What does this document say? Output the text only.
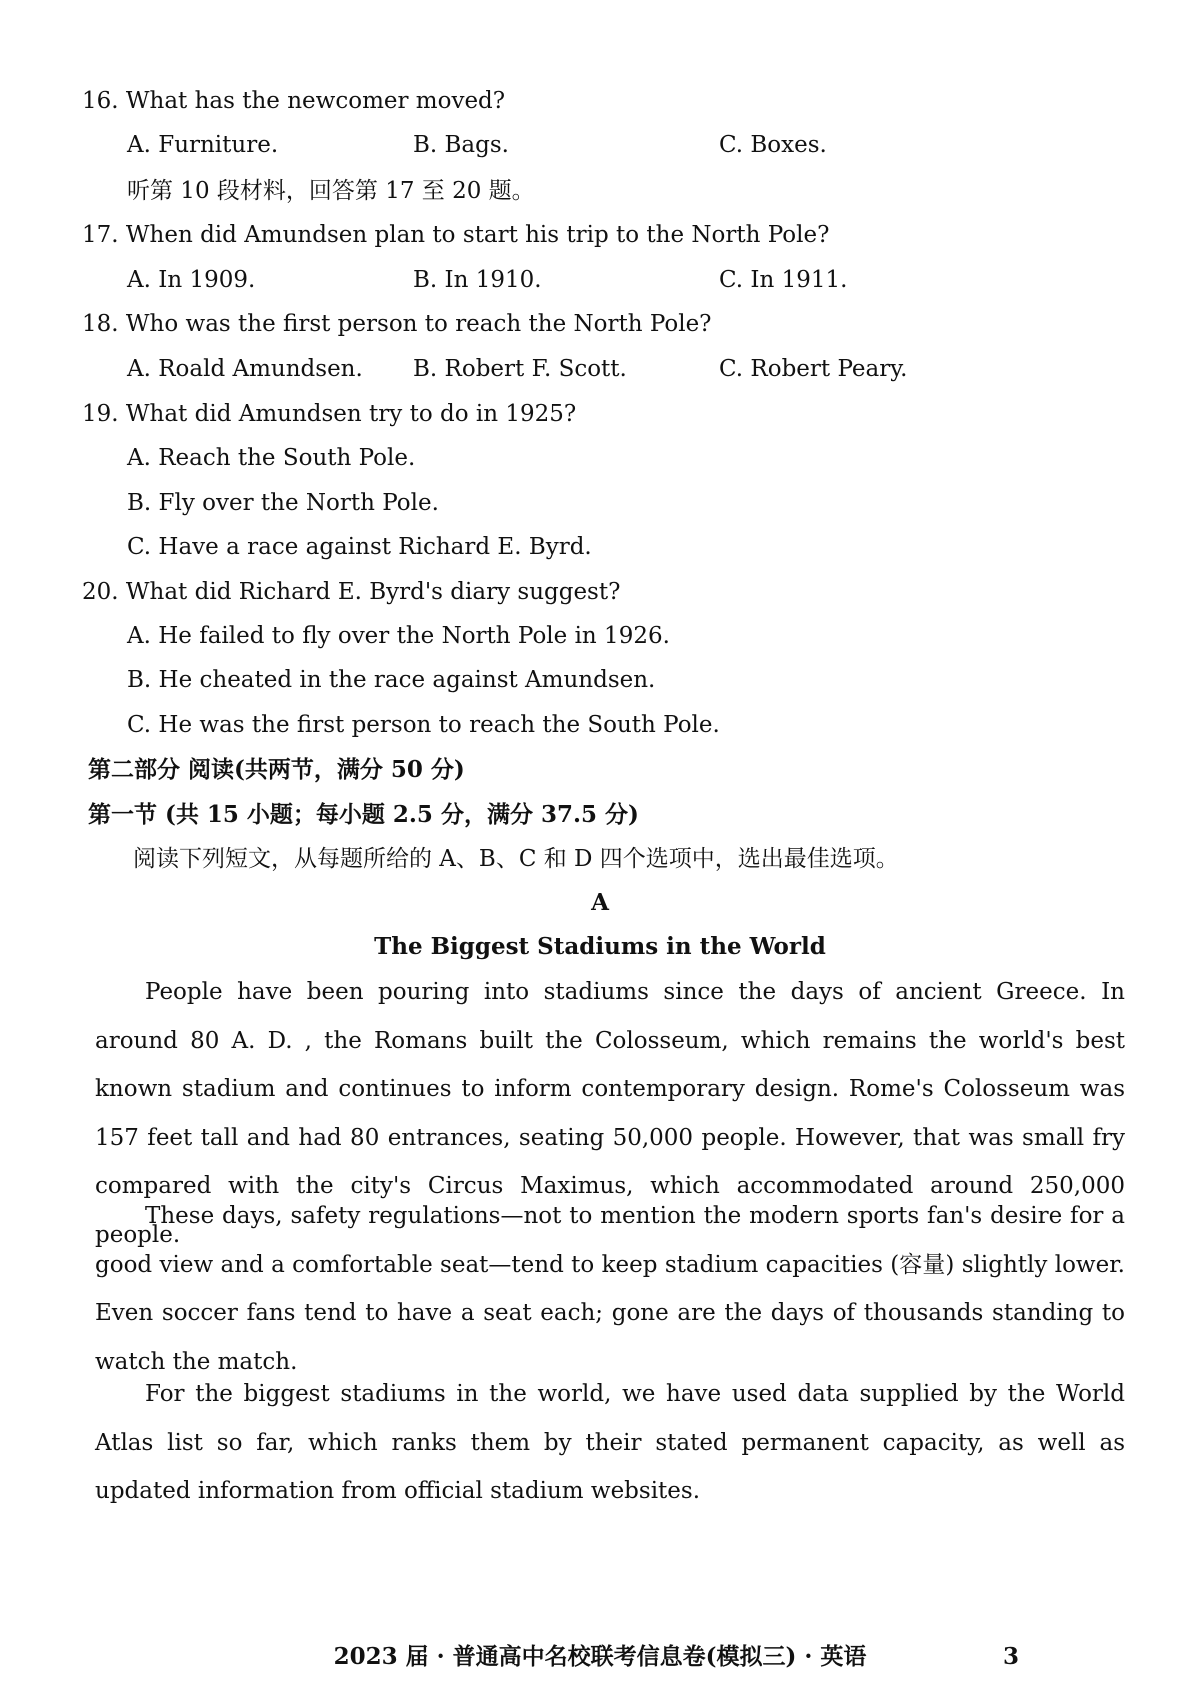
16. What has the newcomer moved?
A. Furniture.	B. Bags.	C. Boxes.
听第 10 段材料，回答第 17 至 20 题。
17. When did Amundsen plan to start his trip to the North Pole?
A. In 1909.	B. In 1910.	C. In 1911.
18. Who was the first person to reach the North Pole?
A. Roald Amundsen. B. Robert F. Scott.	C. Robert Peary.
19. What did Amundsen try to do in 1925?
A. Reach the South Pole.
B. Fly over the North Pole.
C. Have a race against Richard E. Byrd.
20. What did Richard E. Byrd's diary suggest?
A. He failed to fly over the North Pole in 1926.
B. He cheated in the race against Amundsen.
C. He was the first person to reach the South Pole.
第二部分 阅读(共两节，满分 50 分)
第一节 (共 15 小题；每小题 2.5 分，满分 37.5 分)
阅读下列短文，从每题所给的 A、B、C 和 D 四个选项中，选出最佳选项。
A
The Biggest Stadiums in the World
People have been pouring into stadiums since the days of ancient Greece. In around 80 A. D. , the Romans built the Colosseum, which remains the world's best known stadium and continues to inform contemporary design. Rome's Colosseum was 157 feet tall and had 80 entrances, seating 50,000 people. However, that was small fry compared with the city's Circus Maximus, which accommodated around 250,000 people.
These days, safety regulations—not to mention the modern sports fan's desire for a good view and a comfortable seat—tend to keep stadium capacities (容量) slightly lower. Even soccer fans tend to have a seat each; gone are the days of thousands standing to watch the match.
For the biggest stadiums in the world, we have used data supplied by the World Atlas list so far, which ranks them by their stated permanent capacity, as well as updated information from official stadium websites.
2023 届 · 普通高中名校联考信息卷(模拟三) · 英语	3
